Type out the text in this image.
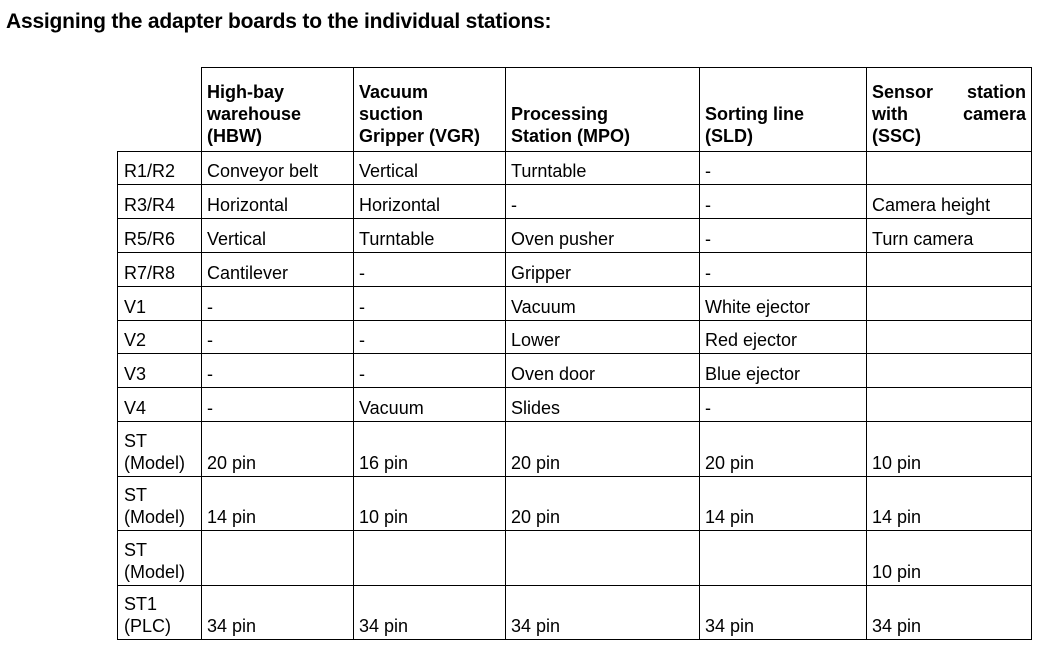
Assigning the adapter boards to the individual stations:

	High-bay
warehouse
(HBW)	Vacuum
suction
Gripper (VGR)	Processing
Station (MPO)	Sorting line
(SLD)	Sensor station
with camera
(SSC)

R1/R2	Conveyor belt	Vertical	Turntable	-	
R3/R4	Horizontal	Horizontal	-	-	Camera height
R5/R6	Vertical	Turntable	Oven pusher	-	Turn camera
R7/R8	Cantilever	-	Gripper	-	
V1	-	-	Vacuum	White ejector	
V2	-	-	Lower	Red ejector	
V3	-	-	Oven door	Blue ejector	
V4	-	Vacuum	Slides	-	

ST
(Model)	20 pin	16 pin	20 pin	20 pin	10 pin

ST
(Model)	14 pin	10 pin	20 pin	14 pin	14 pin

ST
(Model)					10 pin

ST1
(PLC)	34 pin	34 pin	34 pin	34 pin	34 pin
